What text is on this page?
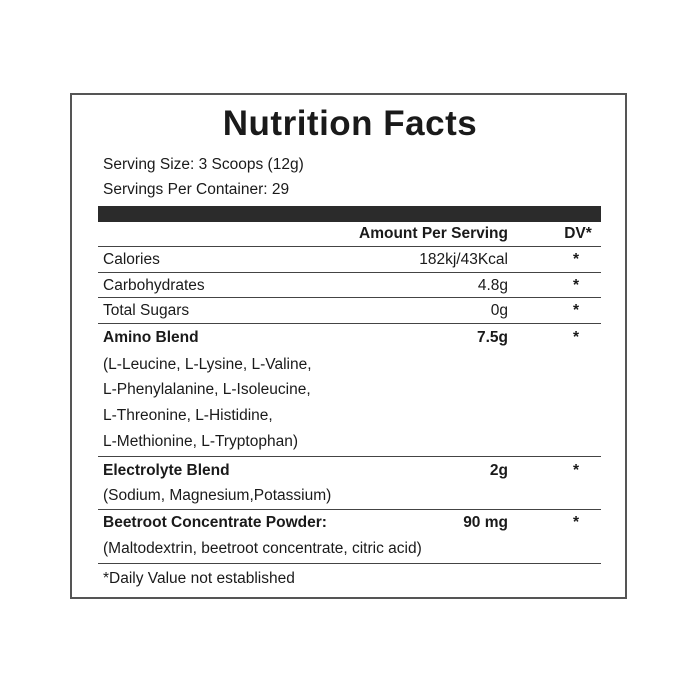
Nutrition Facts
Serving Size: 3 Scoops (12g)
Servings Per Container: 29
Amount Per Serving	DV*
Calories	182kj/43Kcal	*
Carbohydrates	4.8g	*
Total Sugars	0g	*
Amino Blend	7.5g	*
(L-Leucine, L-Lysine, L-Valine,
L-Phenylalanine, L-Isoleucine,
L-Threonine, L-Histidine,
L-Methionine, L-Tryptophan)
Electrolyte Blend	2g	*
(Sodium, Magnesium,Potassium)
Beetroot Concentrate Powder:	90 mg	*
(Maltodextrin, beetroot concentrate, citric acid)
*Daily Value not established
